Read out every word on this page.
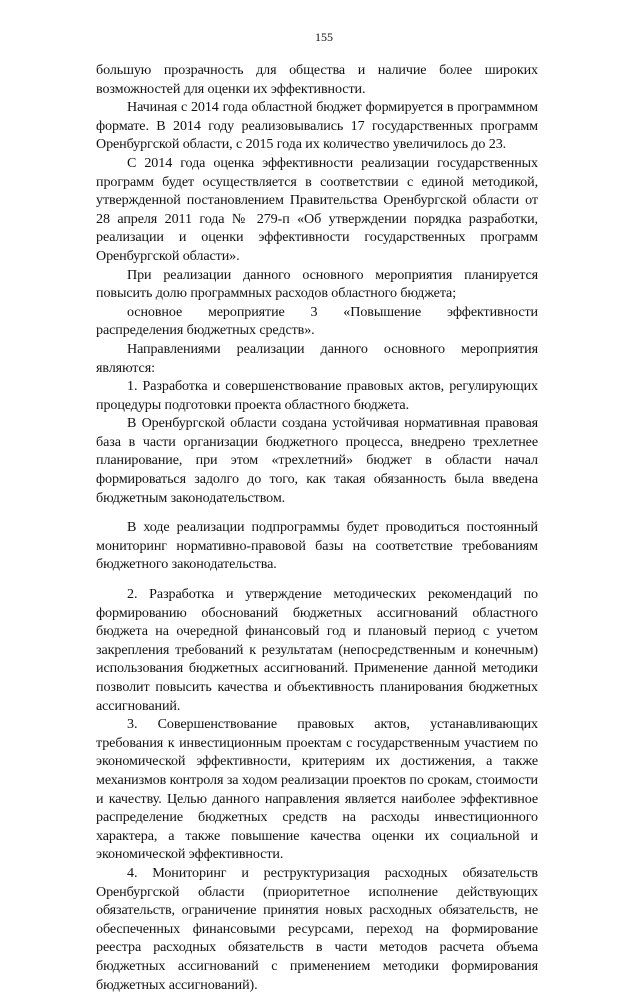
155

большую прозрачность для общества и наличие более широких возможностей для оценки их эффективности.

Начиная с 2014 года областной бюджет формируется в программном формате. В 2014 году реализовывались 17 государственных программ Оренбургской области, с 2015 года их количество увеличилось до 23.

С 2014 года оценка эффективности реализации государственных программ будет осуществляется в соответствии с единой методикой, утвержденной постановлением Правительства Оренбургской области от 28 апреля 2011 года № 279-п «Об утверждении порядка разработки, реализации и оценки эффективности государственных программ Оренбургской области».

При реализации данного основного мероприятия планируется повысить долю программных расходов областного бюджета;

основное мероприятие 3 «Повышение эффективности распределения бюджетных средств».

Направлениями реализации данного основного мероприятия являются:

1. Разработка и совершенствование правовых актов, регулирующих процедуры подготовки проекта областного бюджета.

В Оренбургской области создана устойчивая нормативная правовая база в части организации бюджетного процесса, внедрено трехлетнее планирование, при этом «трехлетний» бюджет в области начал формироваться задолго до того, как такая обязанность была введена бюджетным законодательством.

В ходе реализации подпрограммы будет проводиться постоянный мониторинг нормативно-правовой базы на соответствие требованиям бюджетного законодательства.

2. Разработка и утверждение методических рекомендаций по формированию обоснований бюджетных ассигнований областного бюджета на очередной финансовый год и плановый период с учетом закрепления требований к результатам (непосредственным и конечным) использования бюджетных ассигнований. Применение данной методики позволит повысить качества и объективность планирования бюджетных ассигнований.

3. Совершенствование правовых актов, устанавливающих требования к инвестиционным проектам с государственным участием по экономической эффективности, критериям их достижения, а также механизмов контроля за ходом реализации проектов по срокам, стоимости и качеству. Целью данного направления является наиболее эффективное распределение бюджетных средств на расходы инвестиционного характера, а также повышение качества оценки их социальной и экономической эффективности.

4. Мониторинг и реструктуризация расходных обязательств Оренбургской области (приоритетное исполнение действующих обязательств, ограничение принятия новых расходных обязательств, не обеспеченных финансовыми ресурсами, переход на формирование реестра расходных обязательств в части методов расчета объема бюджетных ассигнований с применением методики формирования бюджетных ассигнований).
